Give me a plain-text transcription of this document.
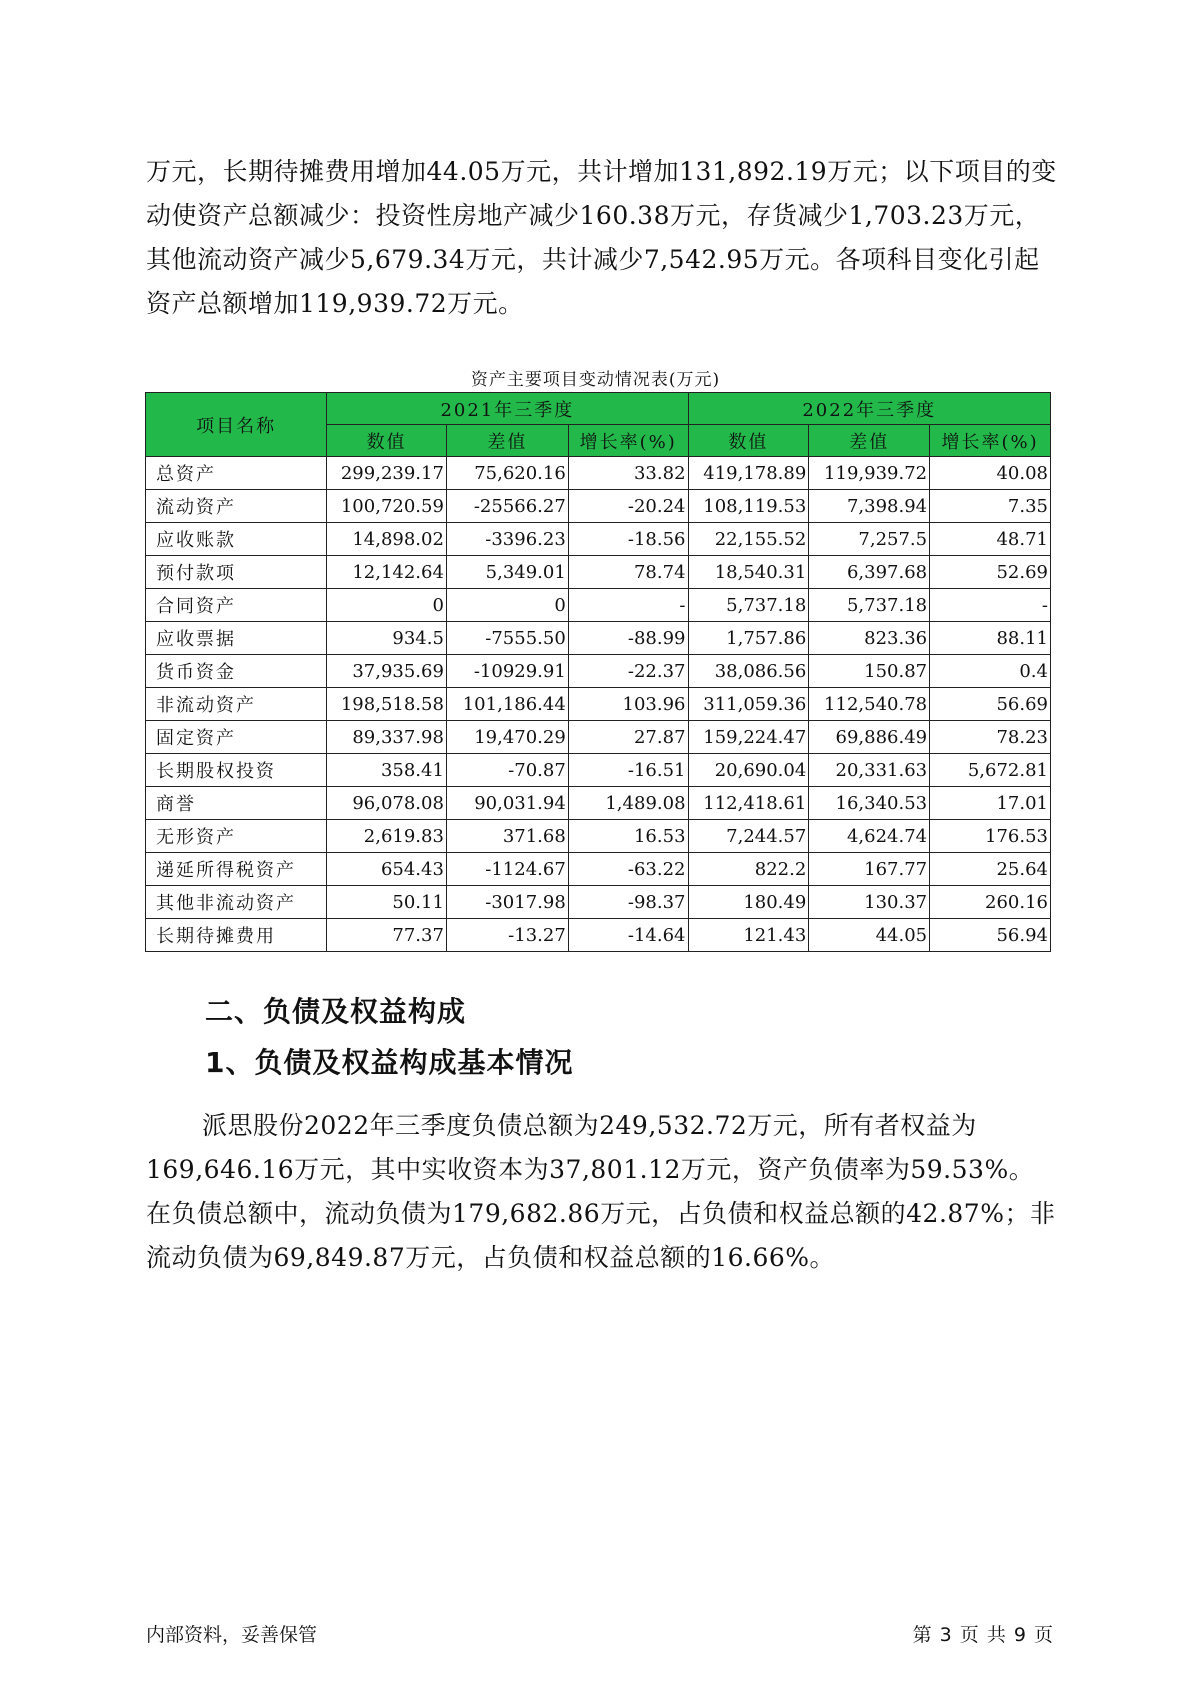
万元，长期待摊费用增加44.05万元，共计增加131,892.19万元；以下项目的变动使资产总额减少：投资性房地产减少160.38万元，存货减少1,703.23万元，其他流动资产减少5,679.34万元，共计减少7,542.95万元。各项科目变化引起资产总额增加119,939.72万元。

资产主要项目变动情况表(万元)
项目名称	2021年三季度			2022年三季度		
	数值	差值	增长率(%)	数值	差值	增长率(%)
总资产	299,239.17	75,620.16	33.82	419,178.89	119,939.72	40.08
流动资产	100,720.59	-25566.27	-20.24	108,119.53	7,398.94	7.35
应收账款	14,898.02	-3396.23	-18.56	22,155.52	7,257.5	48.71
预付款项	12,142.64	5,349.01	78.74	18,540.31	6,397.68	52.69
合同资产	0	0	-	5,737.18	5,737.18	-
应收票据	934.5	-7555.50	-88.99	1,757.86	823.36	88.11
货币资金	37,935.69	-10929.91	-22.37	38,086.56	150.87	0.4
非流动资产	198,518.58	101,186.44	103.96	311,059.36	112,540.78	56.69
固定资产	89,337.98	19,470.29	27.87	159,224.47	69,886.49	78.23
长期股权投资	358.41	-70.87	-16.51	20,690.04	20,331.63	5,672.81
商誉	96,078.08	90,031.94	1,489.08	112,418.61	16,340.53	17.01
无形资产	2,619.83	371.68	16.53	7,244.57	4,624.74	176.53
递延所得税资产	654.43	-1124.67	-63.22	822.2	167.77	25.64
其他非流动资产	50.11	-3017.98	-98.37	180.49	130.37	260.16
长期待摊费用	77.37	-13.27	-14.64	121.43	44.05	56.94
二、负债及权益构成
1、负债及权益构成基本情况

派思股份2022年三季度负债总额为249,532.72万元，所有者权益为169,646.16万元，其中实收资本为37,801.12万元，资产负债率为59.53%。在负债总额中，流动负债为179,682.86万元，占负债和权益总额的42.87%；非流动负债为69,849.87万元，占负债和权益总额的16.66%。

内部资料，妥善保管	第 3 页 共 9 页
